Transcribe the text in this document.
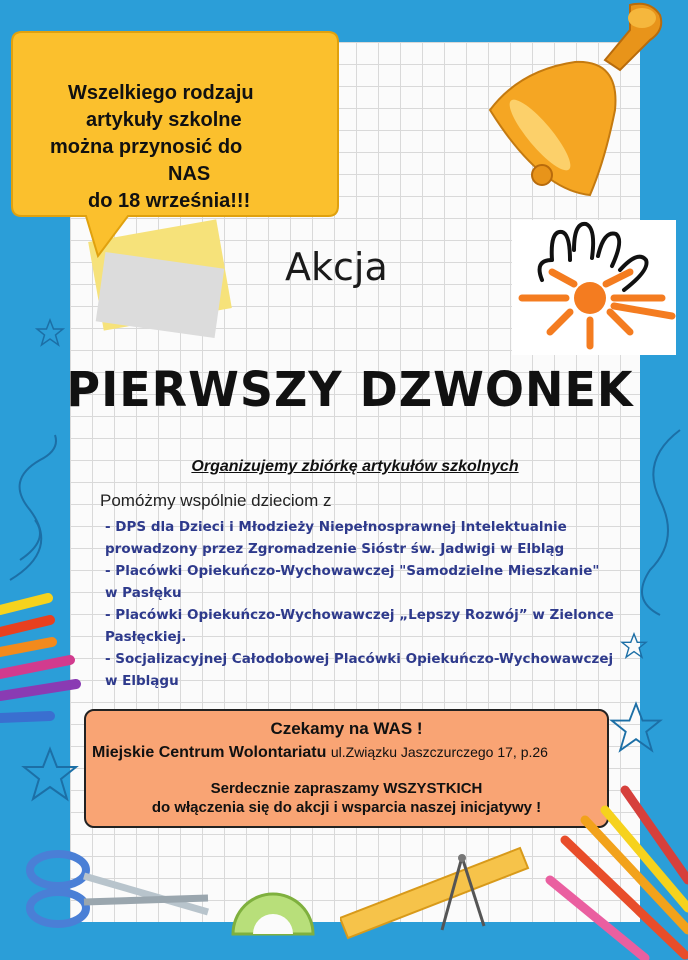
Wszelkiego rodzaju
artykuły szkolne
można przynosić do
NAS
do 18 września!!!
Akcja
PIERWSZY DZWONEK
Organizujemy zbiórkę artykułów szkolnych
Pomóżmy wspólnie dzieciom z
- DPS dla Dzieci i Młodzieży Niepełnosprawnej Intelektualnie
prowadzony przez Zgromadzenie Sióstr św. Jadwigi w Elbląg
- Placówki Opiekuńczo-Wychowawczej "Samodzielne Mieszkanie"
w Pasłęku
- Placówki Opiekuńczo-Wychowawczej „Lepszy Rozwój” w Zielonce
Pasłęckiej.
- Socjalizacyjnej Całodobowej Placówki Opiekuńczo-Wychowawczej
w Elblągu
Czekamy na WAS !
Miejskie Centrum Wolontariatu ul.Związku Jaszczurczego 17, p.26
Serdecznie zapraszamy WSZYSTKICH
do włączenia się do akcji i wsparcia naszej inicjatywy !
